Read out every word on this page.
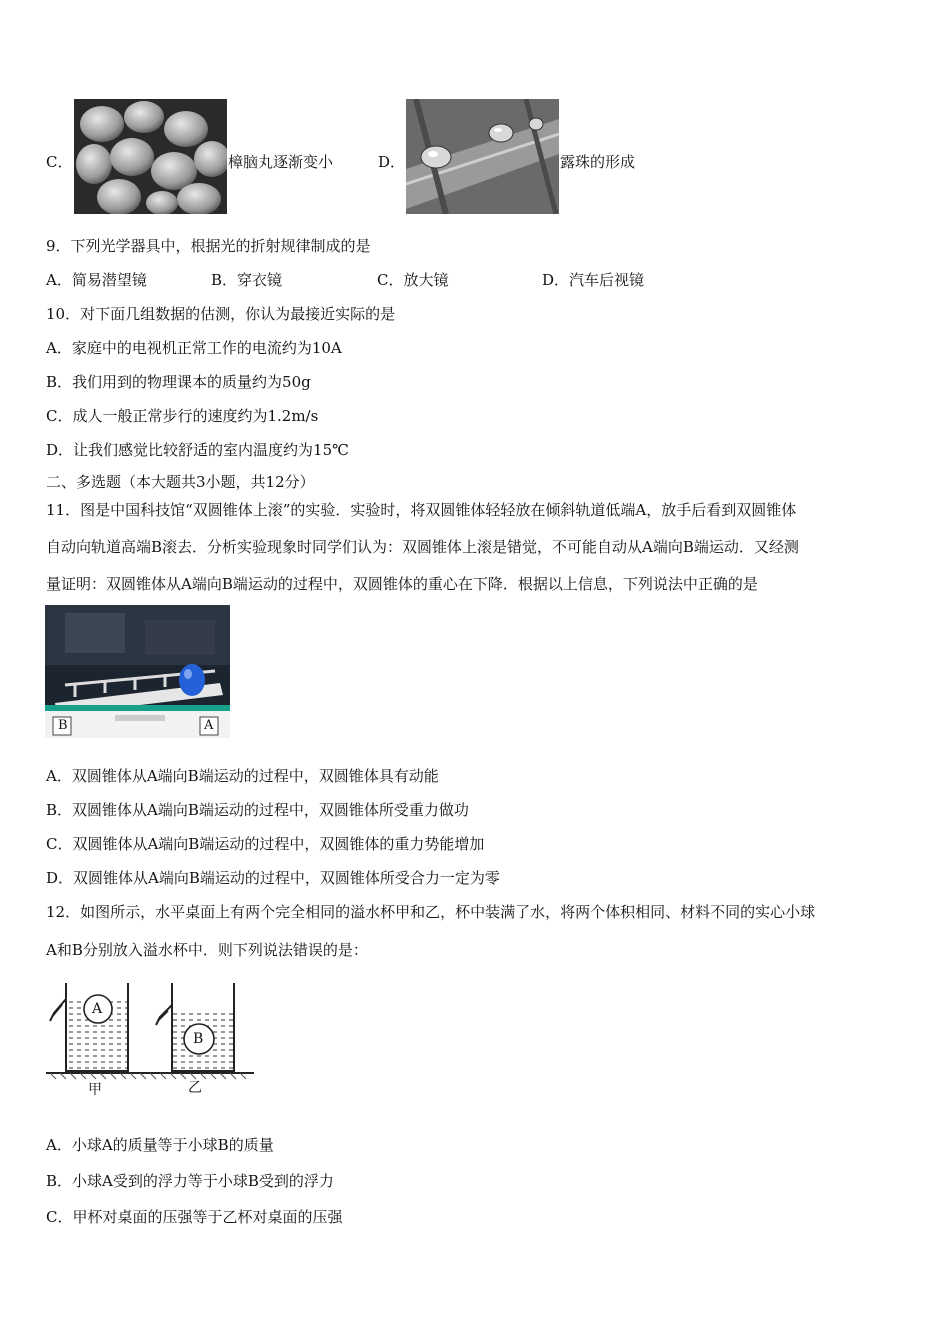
C．	樟脑丸逐渐变小	D．	露珠的形成
9．下列光学器具中，根据光的折射规律制成的是
A．简易潜望镜	B．穿衣镜	C．放大镜	D．汽车后视镜
10．对下面几组数据的估测，你认为最接近实际的是
A．家庭中的电视机正常工作的电流约为10A
B．我们用到的物理课本的质量约为50g
C．成人一般正常步行的速度约为1.2m/s
D．让我们感觉比较舒适的室内温度约为15℃
二、多选题（本大题共3小题，共12分）
11．图是中国科技馆“双圆锥体上滚”的实验．实验时，将双圆锥体轻轻放在倾斜轨道低端A，放手后看到双圆锥体
自动向轨道高端B滚去．分析实验现象时同学们认为：双圆锥体上滚是错觉，不可能自动从A端向B端运动．又经测
量证明：双圆锥体从A端向B端运动的过程中，双圆锥体的重心在下降．根据以上信息，下列说法中正确的是
B	A
A．双圆锥体从A端向B端运动的过程中，双圆锥体具有动能
B．双圆锥体从A端向B端运动的过程中，双圆锥体所受重力做功
C．双圆锥体从A端向B端运动的过程中，双圆锥体的重力势能增加
D．双圆锥体从A端向B端运动的过程中，双圆锥体所受合力一定为零
12．如图所示，水平桌面上有两个完全相同的溢水杯甲和乙，杯中装满了水，将两个体积相同、材料不同的实心小球
A和B分别放入溢水杯中．则下列说法错误的是：
A
B
甲	乙
A．小球A的质量等于小球B的质量
B．小球A受到的浮力等于小球B受到的浮力
C．甲杯对桌面的压强等于乙杯对桌面的压强
